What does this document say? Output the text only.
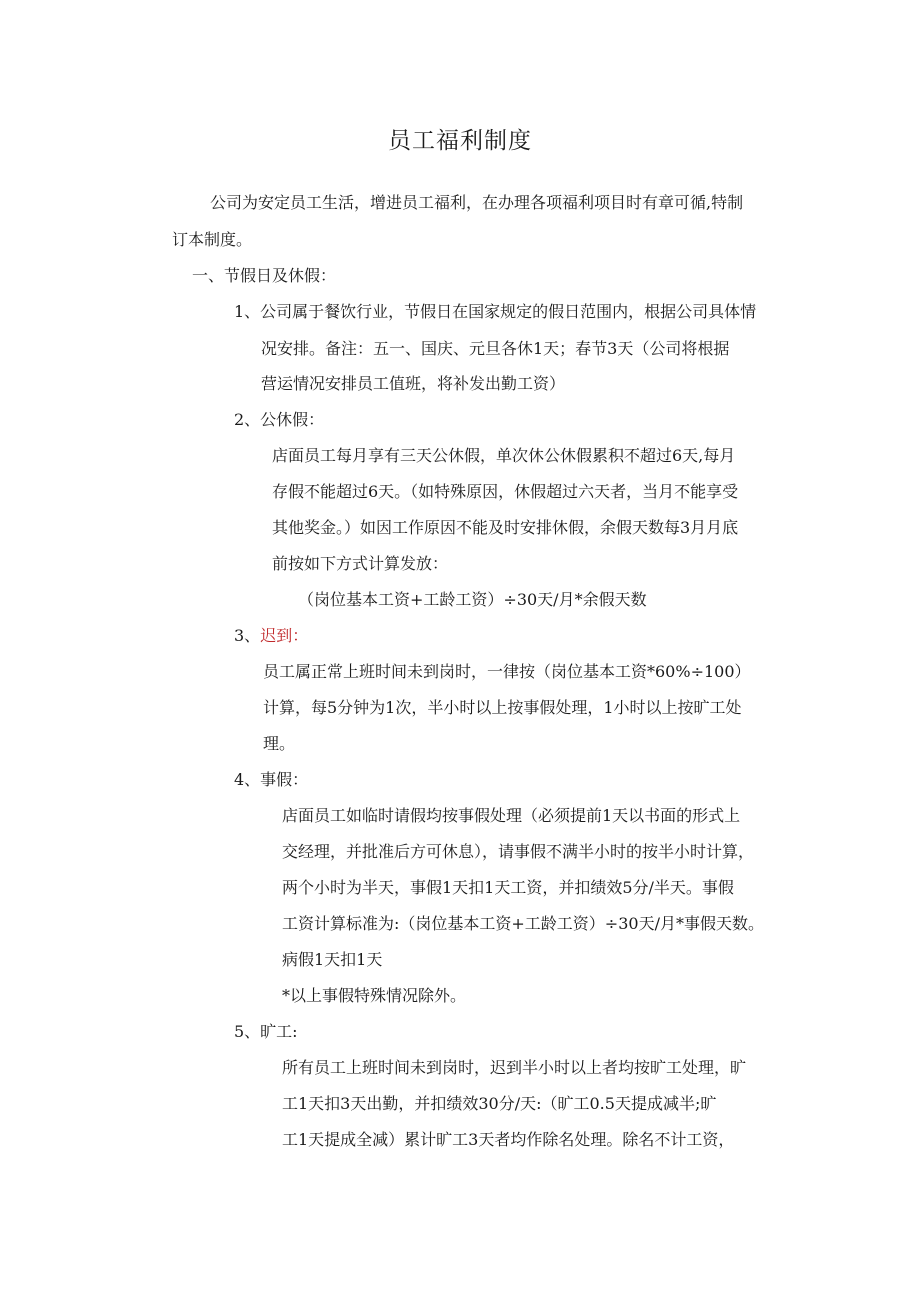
员工福利制度
公司为安定员工生活，增进员工福利，在办理各项福利项目时有章可循,特制
订本制度。
一、节假日及休假：
1、公司属于餐饮行业，节假日在国家规定的假日范围内，根据公司具体情
况安排。备注：五一、国庆、元旦各休1天；春节3天（公司将根据
营运情况安排员工值班，将补发出勤工资）
2、公休假：
店面员工每月享有三天公休假，单次休公休假累积不超过6天,每月
存假不能超过6天。（如特殊原因，休假超过六天者，当月不能享受
其他奖金。）如因工作原因不能及时安排休假，余假天数每3月月底
前按如下方式计算发放：
（岗位基本工资+工龄工资）÷30天/月*余假天数
3、迟到：
员工属正常上班时间未到岗时，一律按（岗位基本工资*60%÷100）
计算，每5分钟为1次，半小时以上按事假处理，1小时以上按旷工处
理。
4、事假：
店面员工如临时请假均按事假处理（必须提前1天以书面的形式上
交经理，并批准后方可休息），请事假不满半小时的按半小时计算，
两个小时为半天，事假1天扣1天工资，并扣绩效5分/半天。事假
工资计算标准为:（岗位基本工资+工龄工资）÷30天/月*事假天数。
病假1天扣1天
*以上事假特殊情况除外。
5、旷工:
所有员工上班时间未到岗时，迟到半小时以上者均按旷工处理，旷
工1天扣3天出勤，并扣绩效30分/天:（旷工0.5天提成减半;旷
工1天提成全减）累计旷工3天者均作除名处理。除名不计工资，
